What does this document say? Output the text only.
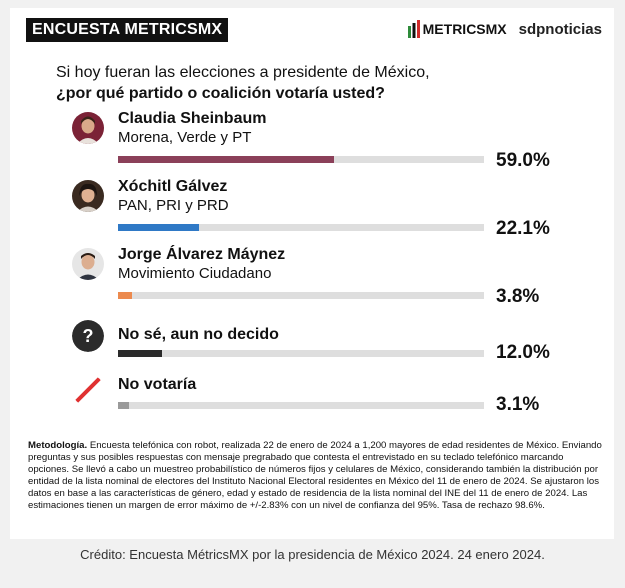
ENCUESTA METRICSMX	METRICSMX sdpnoticias
Si hoy fueran las elecciones a presidente de México,
¿por qué partido o coalición votaría usted?
Claudia Sheinbaum
Morena, Verde y PT
59.0%
Xóchitl Gálvez
PAN, PRI y PRD
22.1%
Jorge Álvarez Máynez
Movimiento Ciudadano
3.8%
? No sé, aun no decido
12.0%
No votaría
3.1%
Metodología. Encuesta telefónica con robot, realizada 22 de enero de 2024 a 1,200 mayores de edad residentes de México. Enviando preguntas y sus posibles respuestas con mensaje pregrabado que contesta el entrevistado en su teclado telefónico marcando opciones. Se llevó a cabo un muestreo probabilístico de números fijos y celulares de México, considerando también la distribución por entidad de la lista nominal de electores del Instituto Nacional Electoral residentes en México del 11 de enero de 2024. Se ajustaron los datos en base a las características de género, edad y estado de residencia de la lista nominal del INE del 11 de enero de 2024. Las estimaciones tienen un margen de error máximo de +/-2.83% con un nivel de confianza del 95%. Tasa de rechazo 98.6%.
Crédito: Encuesta MétricsMX por la presidencia de México 2024. 24 enero 2024.
